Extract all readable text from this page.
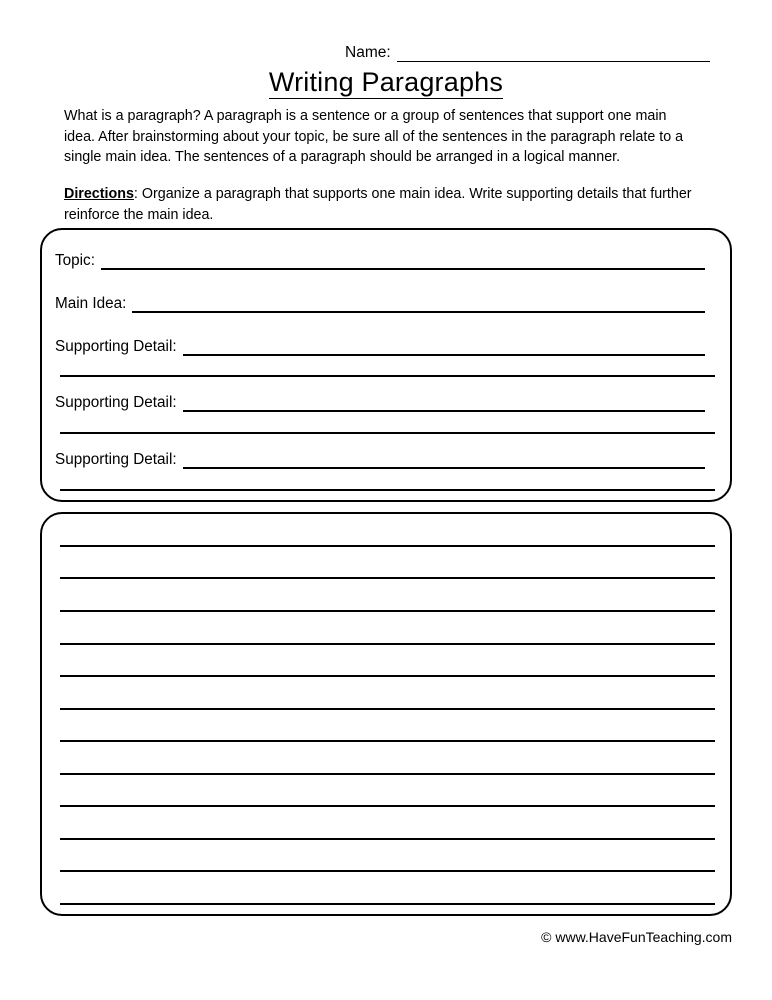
Name:
Writing Paragraphs
What is a paragraph? A paragraph is a sentence or a group of sentences that support one main idea. After brainstorming about your topic, be sure all of the sentences in the paragraph relate to a single main idea. The sentences of a paragraph should be arranged in a logical manner.
Directions: Organize a paragraph that supports one main idea. Write supporting details that further reinforce the main idea.
Topic:
Main Idea:
Supporting Detail:
Supporting Detail:
Supporting Detail:
© www.HaveFunTeaching.com
